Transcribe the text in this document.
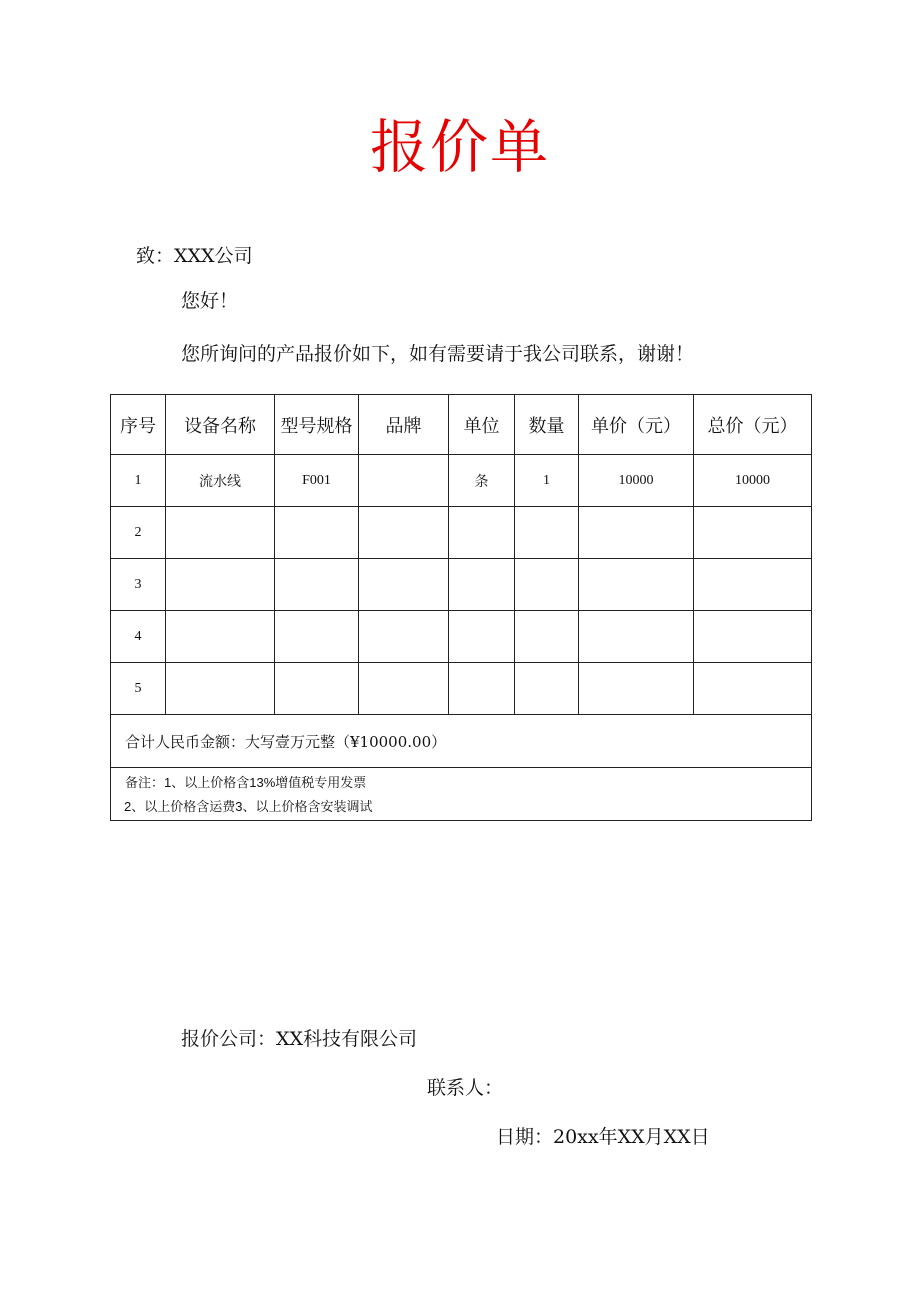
报价单
致：XXX公司
您好！
您所询问的产品报价如下，如有需要请于我公司联系，谢谢！
序号	设备名称	型号规格	品牌	单位	数量	单价（元）	总价（元）
1	流水线	F001		条	1	10000	10000
2							
3							
4							
5							
合计人民币金额：大写壹万元整（¥10000.00）							

备注：1、以上价格含13%增值税专用发票
2、以上价格含运费3、以上价格含安装调试							
报价公司：XX科技有限公司
联系人：
日期：20xx年XX月XX日
